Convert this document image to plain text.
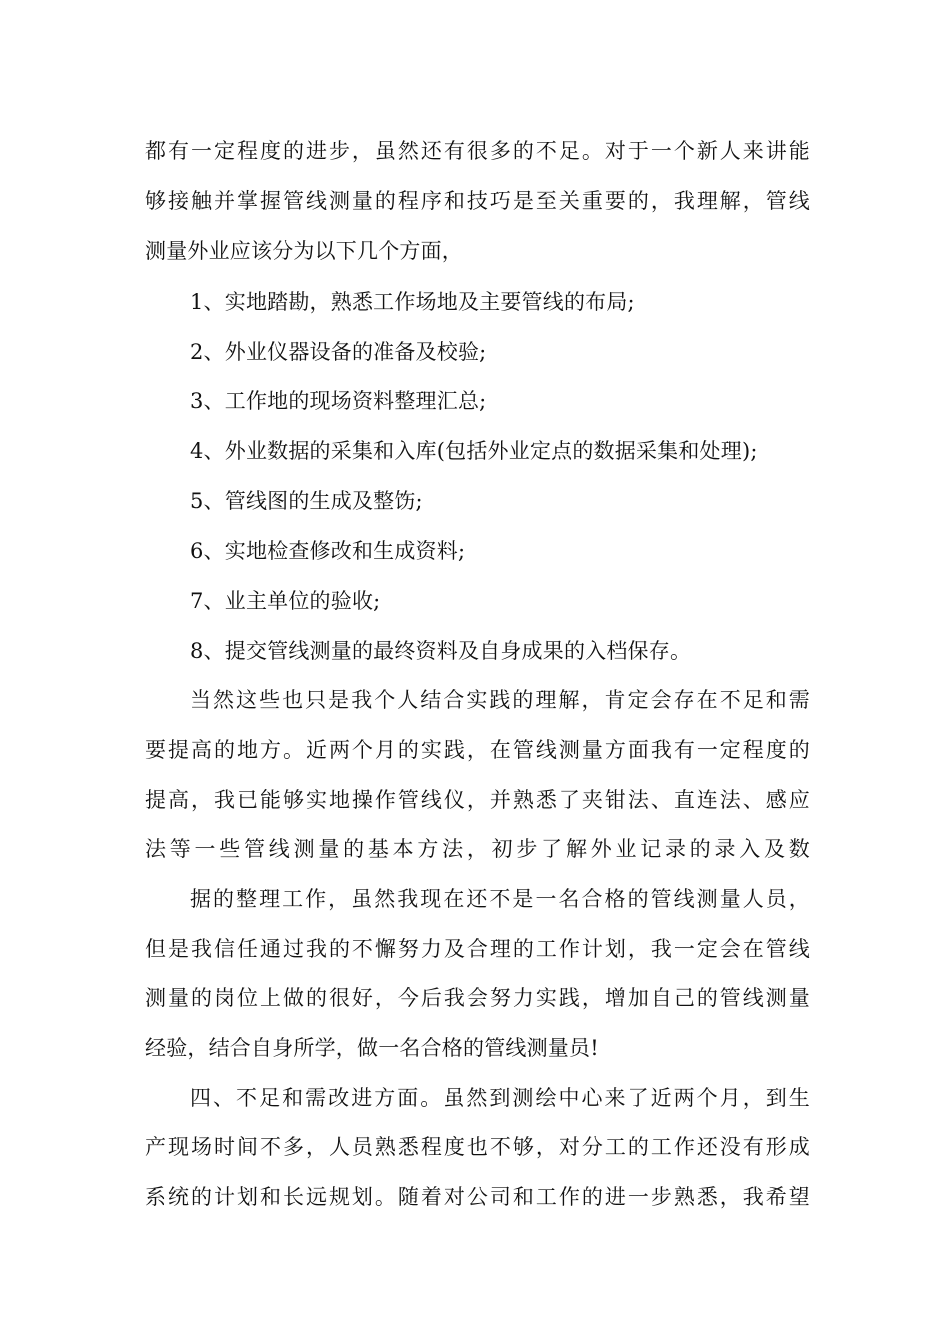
都有一定程度的进步，虽然还有很多的不足。对于一个新人来讲能
够接触并掌握管线测量的程序和技巧是至关重要的，我理解，管线
测量外业应该分为以下几个方面，
1、实地踏勘，熟悉工作场地及主要管线的布局;
2、外业仪器设备的准备及校验;
3、工作地的现场资料整理汇总;
4、外业数据的采集和入库(包括外业定点的数据采集和处理);
5、管线图的生成及整饬;
6、实地检查修改和生成资料;
7、业主单位的验收;
8、提交管线测量的最终资料及自身成果的入档保存。
当然这些也只是我个人结合实践的理解，肯定会存在不足和需
要提高的地方。近两个月的实践，在管线测量方面我有一定程度的
提高，我已能够实地操作管线仪，并熟悉了夹钳法、直连法、感应
法等一些管线测量的基本方法，初步了解外业记录的录入及数
据的整理工作，虽然我现在还不是一名合格的管线测量人员，
但是我信任通过我的不懈努力及合理的工作计划，我一定会在管线
测量的岗位上做的很好，今后我会努力实践，增加自己的管线测量
经验，结合自身所学，做一名合格的管线测量员!
四、不足和需改进方面。虽然到测绘中心来了近两个月，到生
产现场时间不多，人员熟悉程度也不够，对分工的工作还没有形成
系统的计划和长远规划。随着对公司和工作的进一步熟悉，我希望
